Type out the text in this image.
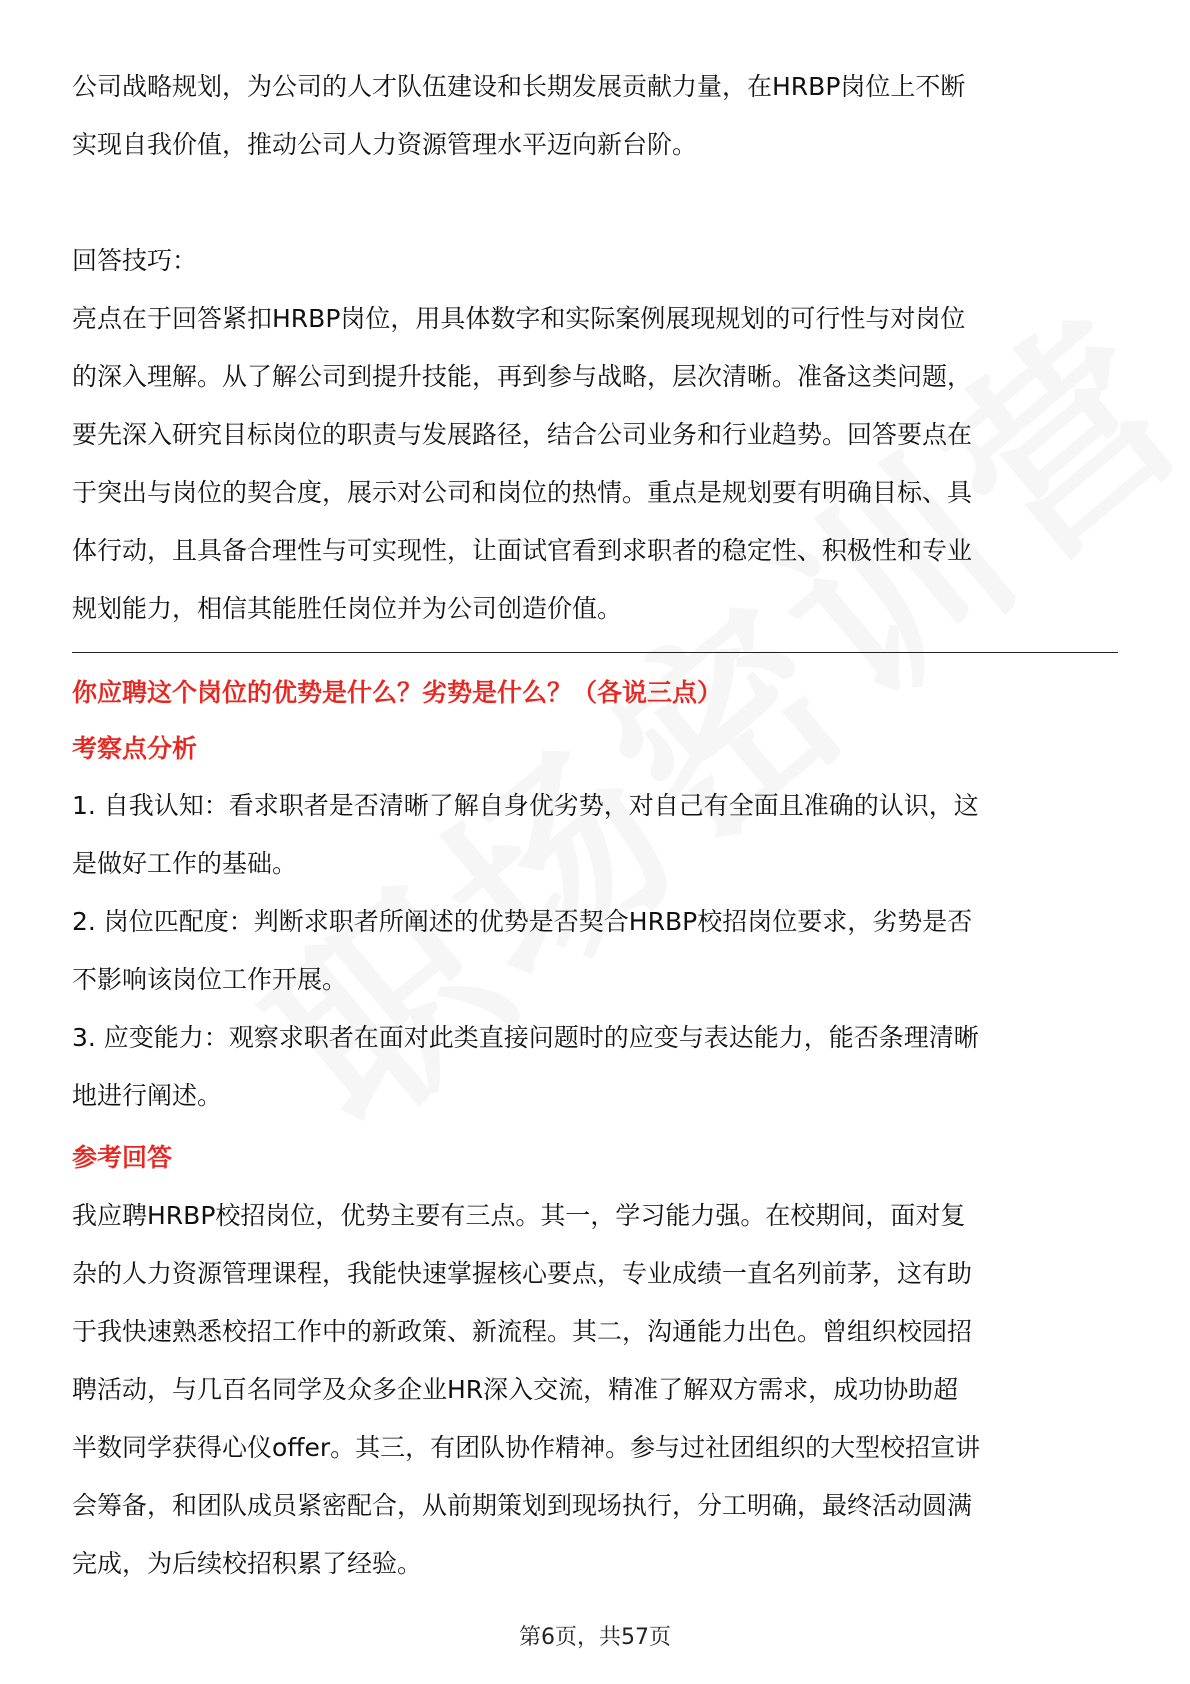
公司战略规划，为公司的人才队伍建设和长期发展贡献力量，在HRBP岗位上不断

实现自我价值，推动公司人力资源管理水平迈向新台阶。

回答技巧：

亮点在于回答紧扣HRBP岗位，用具体数字和实际案例展现规划的可行性与对岗位

的深入理解。从了解公司到提升技能，再到参与战略，层次清晰。准备这类问题，

要先深入研究目标岗位的职责与发展路径，结合公司业务和行业趋势。回答要点在

于突出与岗位的契合度，展示对公司和岗位的热情。重点是规划要有明确目标、具

体行动，且具备合理性与可实现性，让面试官看到求职者的稳定性、积极性和专业

规划能力，相信其能胜任岗位并为公司创造价值。

你应聘这个岗位的优势是什么？劣势是什么？（各说三点）

考察点分析

1. 自我认知：看求职者是否清晰了解自身优劣势，对自己有全面且准确的认识，这

是做好工作的基础。

2. 岗位匹配度：判断求职者所阐述的优势是否契合HRBP校招岗位要求，劣势是否

不影响该岗位工作开展。

3. 应变能力：观察求职者在面对此类直接问题时的应变与表达能力，能否条理清晰

地进行阐述。

参考回答

我应聘HRBP校招岗位，优势主要有三点。其一，学习能力强。在校期间，面对复

杂的人力资源管理课程，我能快速掌握核心要点，专业成绩一直名列前茅，这有助

于我快速熟悉校招工作中的新政策、新流程。其二，沟通能力出色。曾组织校园招

聘活动，与几百名同学及众多企业HR深入交流，精准了解双方需求，成功协助超

半数同学获得心仪offer。其三，有团队协作精神。参与过社团组织的大型校招宣讲

会筹备，和团队成员紧密配合，从前期策划到现场执行，分工明确，最终活动圆满

完成，为后续校招积累了经验。

第6页，共57页
